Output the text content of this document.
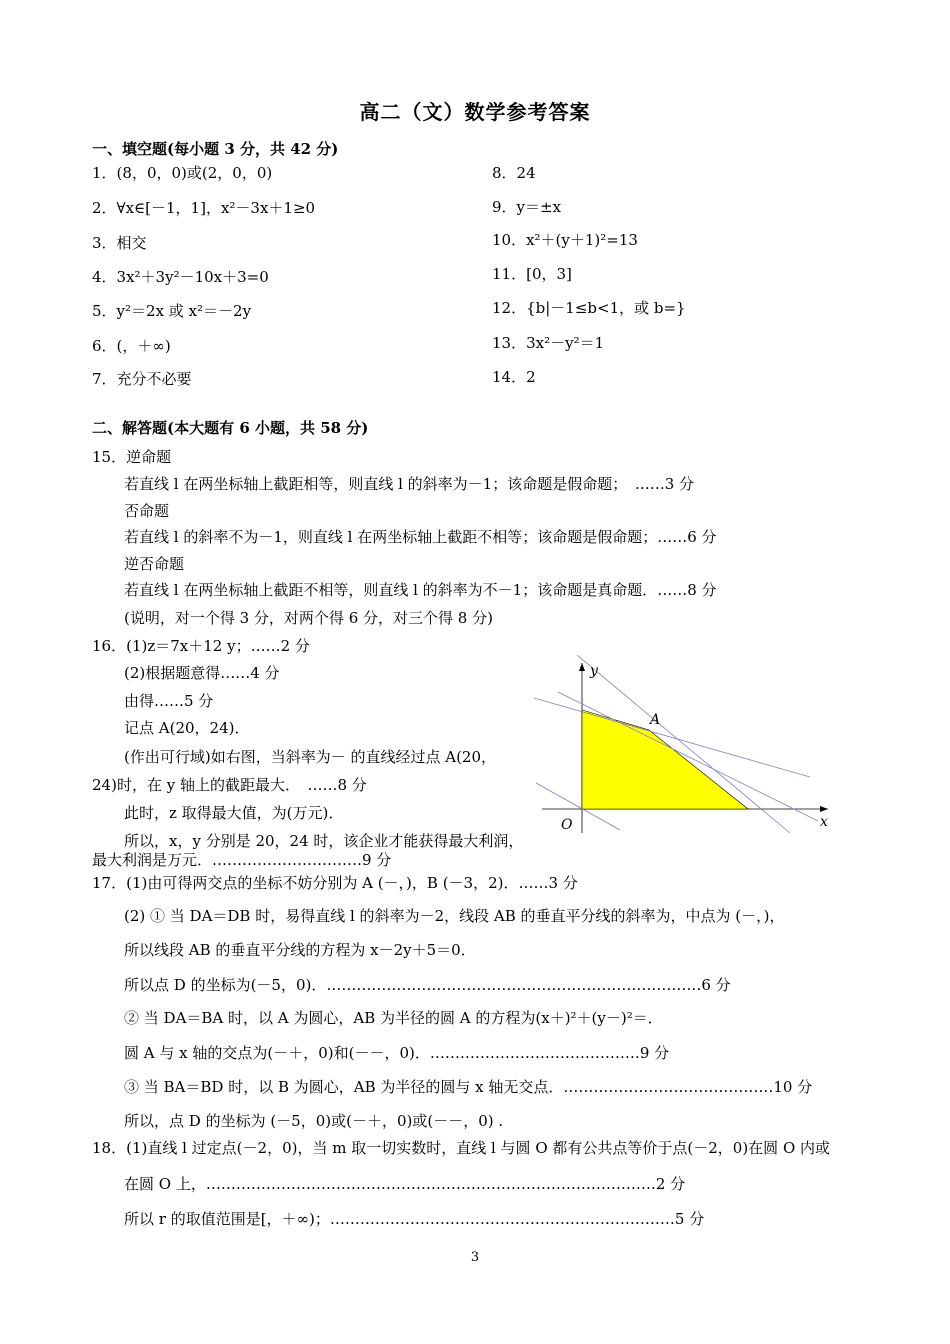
高二（文）数学参考答案
一、填空题(每小题 3 分，共 42 分)
1．(8，0，0)或(2，0，0)
2．∀x∈[－1，1]，x²－3x＋1≥0
3．相交
4．3x²＋3y²－10x＋3=0
5．y²＝2x 或 x²＝－2y
6．(，＋∞)
7．充分不必要
8．24
9．y＝±x
10．x²＋(y＋1)²=13
11．[0，3]
12．{b|－1≤b<1，或 b=}
13．3x²－y²＝1
14．2
二、解答题(本大题有 6 小题，共 58 分)
15．逆命题
若直线 l 在两坐标轴上截距相等，则直线 l 的斜率为－1；该命题是假命题；　……3 分
否命题
若直线 l 的斜率不为－1，则直线 l 在两坐标轴上截距不相等；该命题是假命题；……6 分
逆否命题
若直线 l 在两坐标轴上截距不相等，则直线 l 的斜率为不－1；该命题是真命题．……8 分
(说明，对一个得 3 分，对两个得 6 分，对三个得 8 分)
16．(1)z＝7x＋12 y；……2 分
(2)根据题意得……4 分
由得……5 分
记点 A(20，24)．
(作出可行域)如右图，当斜率为－ 的直线经过点 A(20，
24)时，在 y 轴上的截距最大．　……8 分
此时，z 取得最大值，为(万元)．
所以，x，y 分别是 20，24 时，该企业才能获得最大利润，
最大利润是万元．…………………………9 分
y
x
O
A
17．(1)由可得两交点的坐标不妨分别为 A (－，)，B (－3，2)．……3 分
(2) ① 当 DA＝DB 时，易得直线 l 的斜率为－2，线段 AB 的垂直平分线的斜率为，中点为 (－，)，
所以线段 AB 的垂直平分线的方程为 x－2y＋5＝0．
所以点 D 的坐标为(－5，0)．…………………………………………………………………6 分
② 当 DA＝BA 时，以 A 为圆心，AB 为半径的圆 A 的方程为(x＋)²＋(y－)²＝．
圆 A 与 x 轴的交点为(－＋，0)和(－－，0)．……………………………………9 分
③ 当 BA＝BD 时，以 B 为圆心，AB 为半径的圆与 x 轴无交点．……………………………………10 分
所以，点 D 的坐标为 (－5，0)或(－＋，0)或(－－，0) .
18．(1)直线 l 过定点(－2，0)，当 m 取一切实数时，直线 l 与圆 O 都有公共点等价于点(－2，0)在圆 O 内或
在圆 O 上，………………………………………………………………………………2 分
所以 r 的取值范围是[，＋∞)；……………………………………………………………5 分
3
